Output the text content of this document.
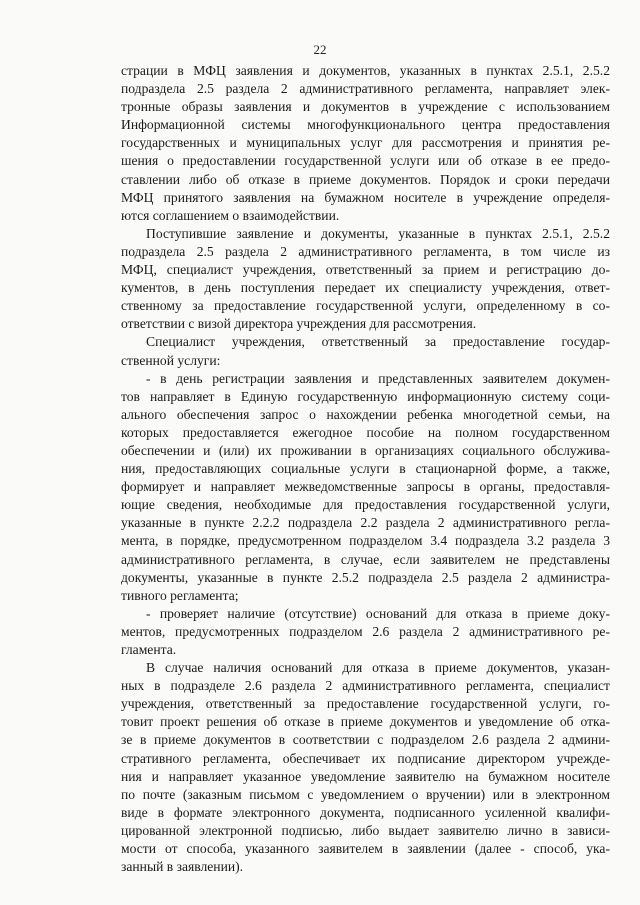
22
страции в МФЦ заявления и документов, указанных в пунктах 2.5.1, 2.5.2
подраздела 2.5 раздела 2 административного регламента, направляет элек-
тронные образы заявления и документов в учреждение с использованием
Информационной системы многофункционального центра предоставления
государственных и муниципальных услуг для рассмотрения и принятия ре-
шения о предоставлении государственной услуги или об отказе в ее предо-
ставлении либо об отказе в приеме документов. Порядок и сроки передачи
МФЦ принятого заявления на бумажном носителе в учреждение определя-
ются соглашением о взаимодействии.
Поступившие заявление и документы, указанные в пунктах 2.5.1, 2.5.2
подраздела 2.5 раздела 2 административного регламента, в том числе из
МФЦ, специалист учреждения, ответственный за прием и регистрацию до-
кументов, в день поступления передает их специалисту учреждения, ответ-
ственному за предоставление государственной услуги, определенному в со-
ответствии с визой директора учреждения для рассмотрения.
Специалист учреждения, ответственный за предоставление государ-
ственной услуги:
- в день регистрации заявления и представленных заявителем докумен-
тов направляет в Единую государственную информационную систему соци-
ального обеспечения запрос о нахождении ребенка многодетной семьи, на
которых предоставляется ежегодное пособие на полном государственном
обеспечении и (или) их проживании в организациях социального обслужива-
ния, предоставляющих социальные услуги в стационарной форме, а также,
формирует и направляет межведомственные запросы в органы, предоставля-
ющие сведения, необходимые для предоставления государственной услуги,
указанные в пункте 2.2.2 подраздела 2.2 раздела 2 административного регла-
мента, в порядке, предусмотренном подразделом 3.4 подраздела 3.2 раздела 3
административного регламента, в случае, если заявителем не представлены
документы, указанные в пункте 2.5.2 подраздела 2.5 раздела 2 администра-
тивного регламента;
- проверяет наличие (отсутствие) оснований для отказа в приеме доку-
ментов, предусмотренных подразделом 2.6 раздела 2 административного ре-
гламента.
В случае наличия оснований для отказа в приеме документов, указан-
ных в подразделе 2.6 раздела 2 административного регламента, специалист
учреждения, ответственный за предоставление государственной услуги, го-
товит проект решения об отказе в приеме документов и уведомление об отка-
зе в приеме документов в соответствии с подразделом 2.6 раздела 2 админи-
стративного регламента, обеспечивает их подписание директором учрежде-
ния и направляет указанное уведомление заявителю на бумажном носителе
по почте (заказным письмом с уведомлением о вручении) или в электронном
виде в формате электронного документа, подписанного усиленной квалифи-
цированной электронной подписью, либо выдает заявителю лично в зависи-
мости от способа, указанного заявителем в заявлении (далее - способ, ука-
занный в заявлении).
